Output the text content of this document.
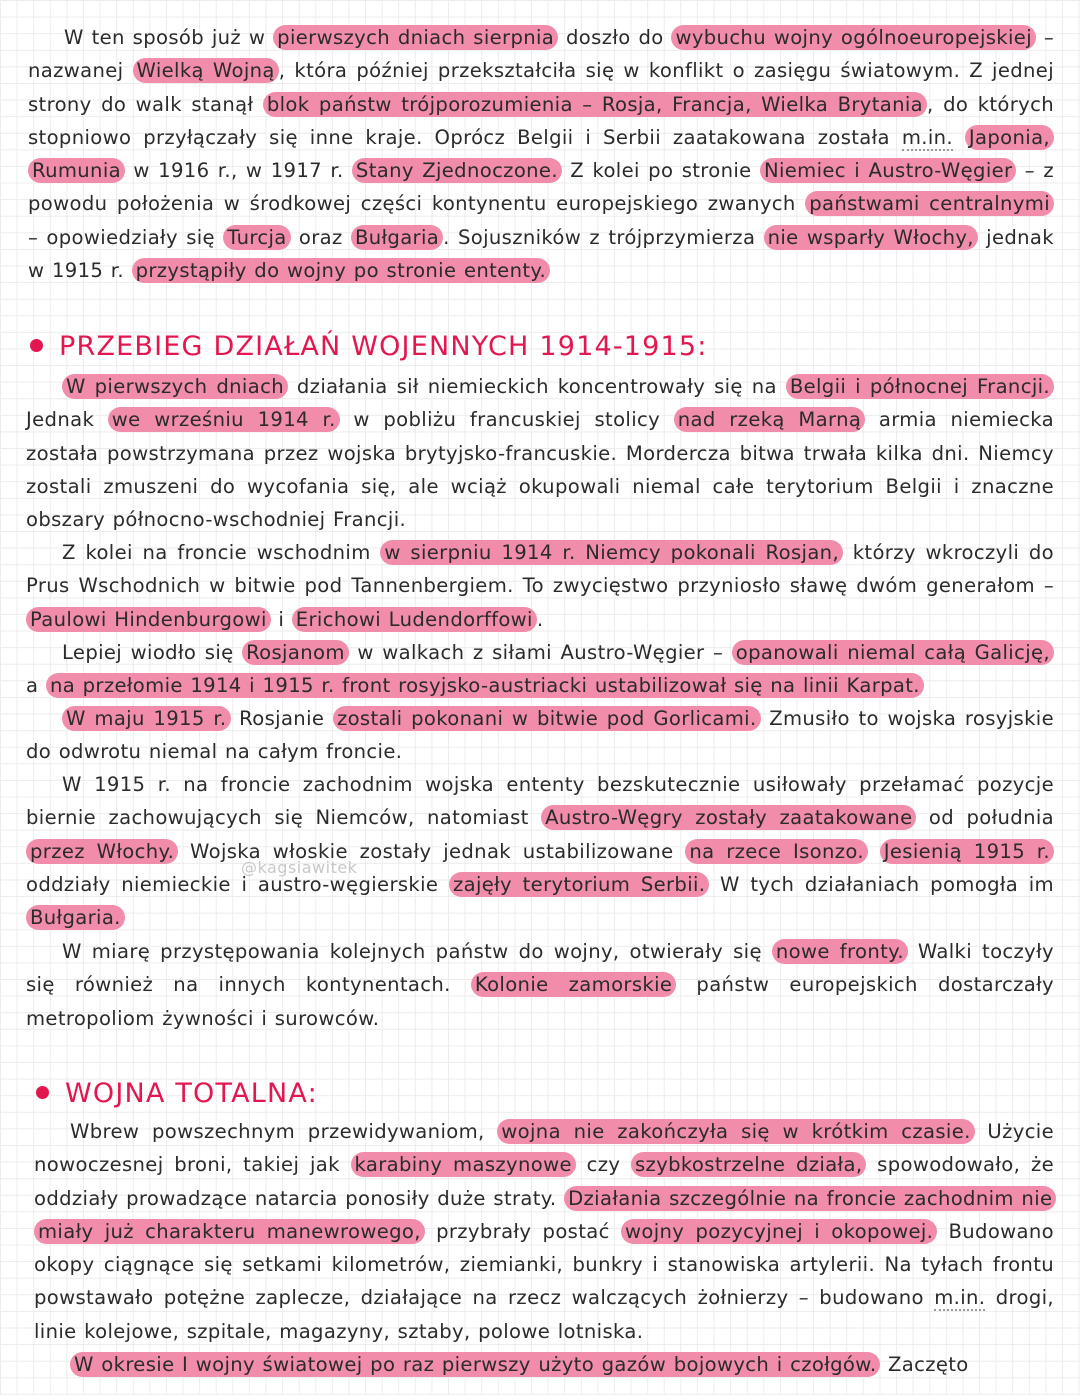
W ten sposób już w pierwszych dniach sierpnia doszło do wybuchu wojny ogólnoeuropejskiej – nazwanej Wielką Wojną , która później przekształciła się w konflikt o zasięgu światowym. Z jednej strony do walk stanął blok państw trójporozumienia – Rosja, Francja, Wielka Brytania , do których stopniowo przyłączały się inne kraje. Oprócz Belgii i Serbii zaatakowana została m.in. Japonia, Rumunia w 1916 r., w 1917 r. Stany Zjednoczone. Z kolei po stronie Niemiec i Austro-Węgier – z powodu położenia w środkowej części kontynentu europejskiego zwanych państwami centralnymi – opowiedziały się Turcja oraz Bułgaria . Sojuszników z trójprzymierza nie wsparły Włochy, jednak w 1915 r. przystąpiły do wojny po stronie ententy.

PRZEBIEG DZIAŁAŃ WOJENNYCH 1914-1915:

W pierwszych dniach działania sił niemieckich koncentrowały się na Belgii i północnej Francji. Jednak we wrześniu 1914 r. w pobliżu francuskiej stolicy nad rzeką Marną armia niemiecka została powstrzymana przez wojska brytyjsko-francuskie. Mordercza bitwa trwała kilka dni. Niemcy zostali zmuszeni do wycofania się, ale wciąż okupowali niemal całe terytorium Belgii i znaczne obszary północno-wschodniej Francji.

Z kolei na froncie wschodnim w sierpniu 1914 r. Niemcy pokonali Rosjan, którzy wkroczyli do Prus Wschodnich w bitwie pod Tannenbergiem. To zwycięstwo przyniosło sławę dwóm generałom – Paulowi Hindenburgowi i Erichowi Ludendorffowi .

Lepiej wiodło się Rosjanom w walkach z siłami Austro-Węgier – opanowali niemal całą Galicję, a na przełomie 1914 i 1915 r. front rosyjsko-austriacki ustabilizował się na linii Karpat.

W maju 1915 r. Rosjanie zostali pokonani w bitwie pod Gorlicami. Zmusiło to wojska rosyjskie do odwrotu niemal na całym froncie.

W 1915 r. na froncie zachodnim wojska ententy bezskutecznie usiłowały przełamać pozycje biernie zachowujących się Niemców, natomiast Austro-Węgry zostały zaatakowane od południa przez Włochy. Wojska włoskie zostały jednak ustabilizowane na rzece Isonzo. Jesienią 1915 r. oddziały niemieckie i austro-węgierskie zajęły terytorium Serbii. W tych działaniach pomogła im Bułgaria.

@kagsiawitek

W miarę przystępowania kolejnych państw do wojny, otwierały się nowe fronty. Walki toczyły się również na innych kontynentach. Kolonie zamorskie państw europejskich dostarczały metropoliom żywności i surowców.

WOJNA TOTALNA:

Wbrew powszechnym przewidywaniom, wojna nie zakończyła się w krótkim czasie. Użycie nowoczesnej broni, takiej jak karabiny maszynowe czy szybkostrzelne działa, spowodowało, że oddziały prowadzące natarcia ponosiły duże straty. Działania szczególnie na froncie zachodnim nie miały już charakteru manewrowego, przybrały postać wojny pozycyjnej i okopowej. Budowano okopy ciągnące się setkami kilometrów, ziemianki, bunkry i stanowiska artylerii. Na tyłach frontu powstawało potężne zaplecze, działające na rzecz walczących żołnierzy – budowano m.in. drogi, linie kolejowe, szpitale, magazyny, sztaby, polowe lotniska.

W okresie I wojny światowej po raz pierwszy użyto gazów bojowych i czołgów. Zaczęto
